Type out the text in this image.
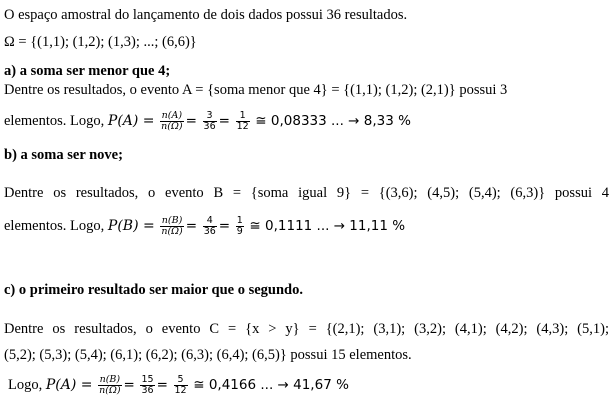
O espaço amostral do lançamento de dois dados possui 36 resultados.
Ω = {(1,1); (1,2); (1,3); ...; (6,6)}
a) a soma ser menor que 4;
Dentre os resultados, o evento A = {soma menor que 4} = {(1,1); (1,2); (2,1)} possui 3
elementos. Logo, $P(A) = \frac{n(A)}{n(\Omega)} = \frac{3}{36} = \frac{1}{12}$ ≅ 0,08333 ... → 8,33 %
b) a soma ser nove;
Dentre os resultados, o evento B = {soma igual 9} = {(3,6); (4,5); (5,4); (6,3)} possui 4
elementos. Logo, $P(B) = \frac{n(B)}{n(\Omega)} = \frac{4}{36} = \frac{1}{9}$ ≅ 0,1111 ... → 11,11 %
c) o primeiro resultado ser maior que o segundo.
Dentre os resultados, o evento C = {x > y} = {(2,1); (3,1); (3,2); (4,1); (4,2); (4,3); (5,1);
(5,2); (5,3); (5,4); (6,1); (6,2); (6,3); (6,4); (6,5)} possui 15 elementos.
Logo, $P(A) = \frac{n(B)}{n(\Omega)} = \frac{15}{36} = \frac{5}{12}$ ≅ 0,4166 ... → 41,67 %
